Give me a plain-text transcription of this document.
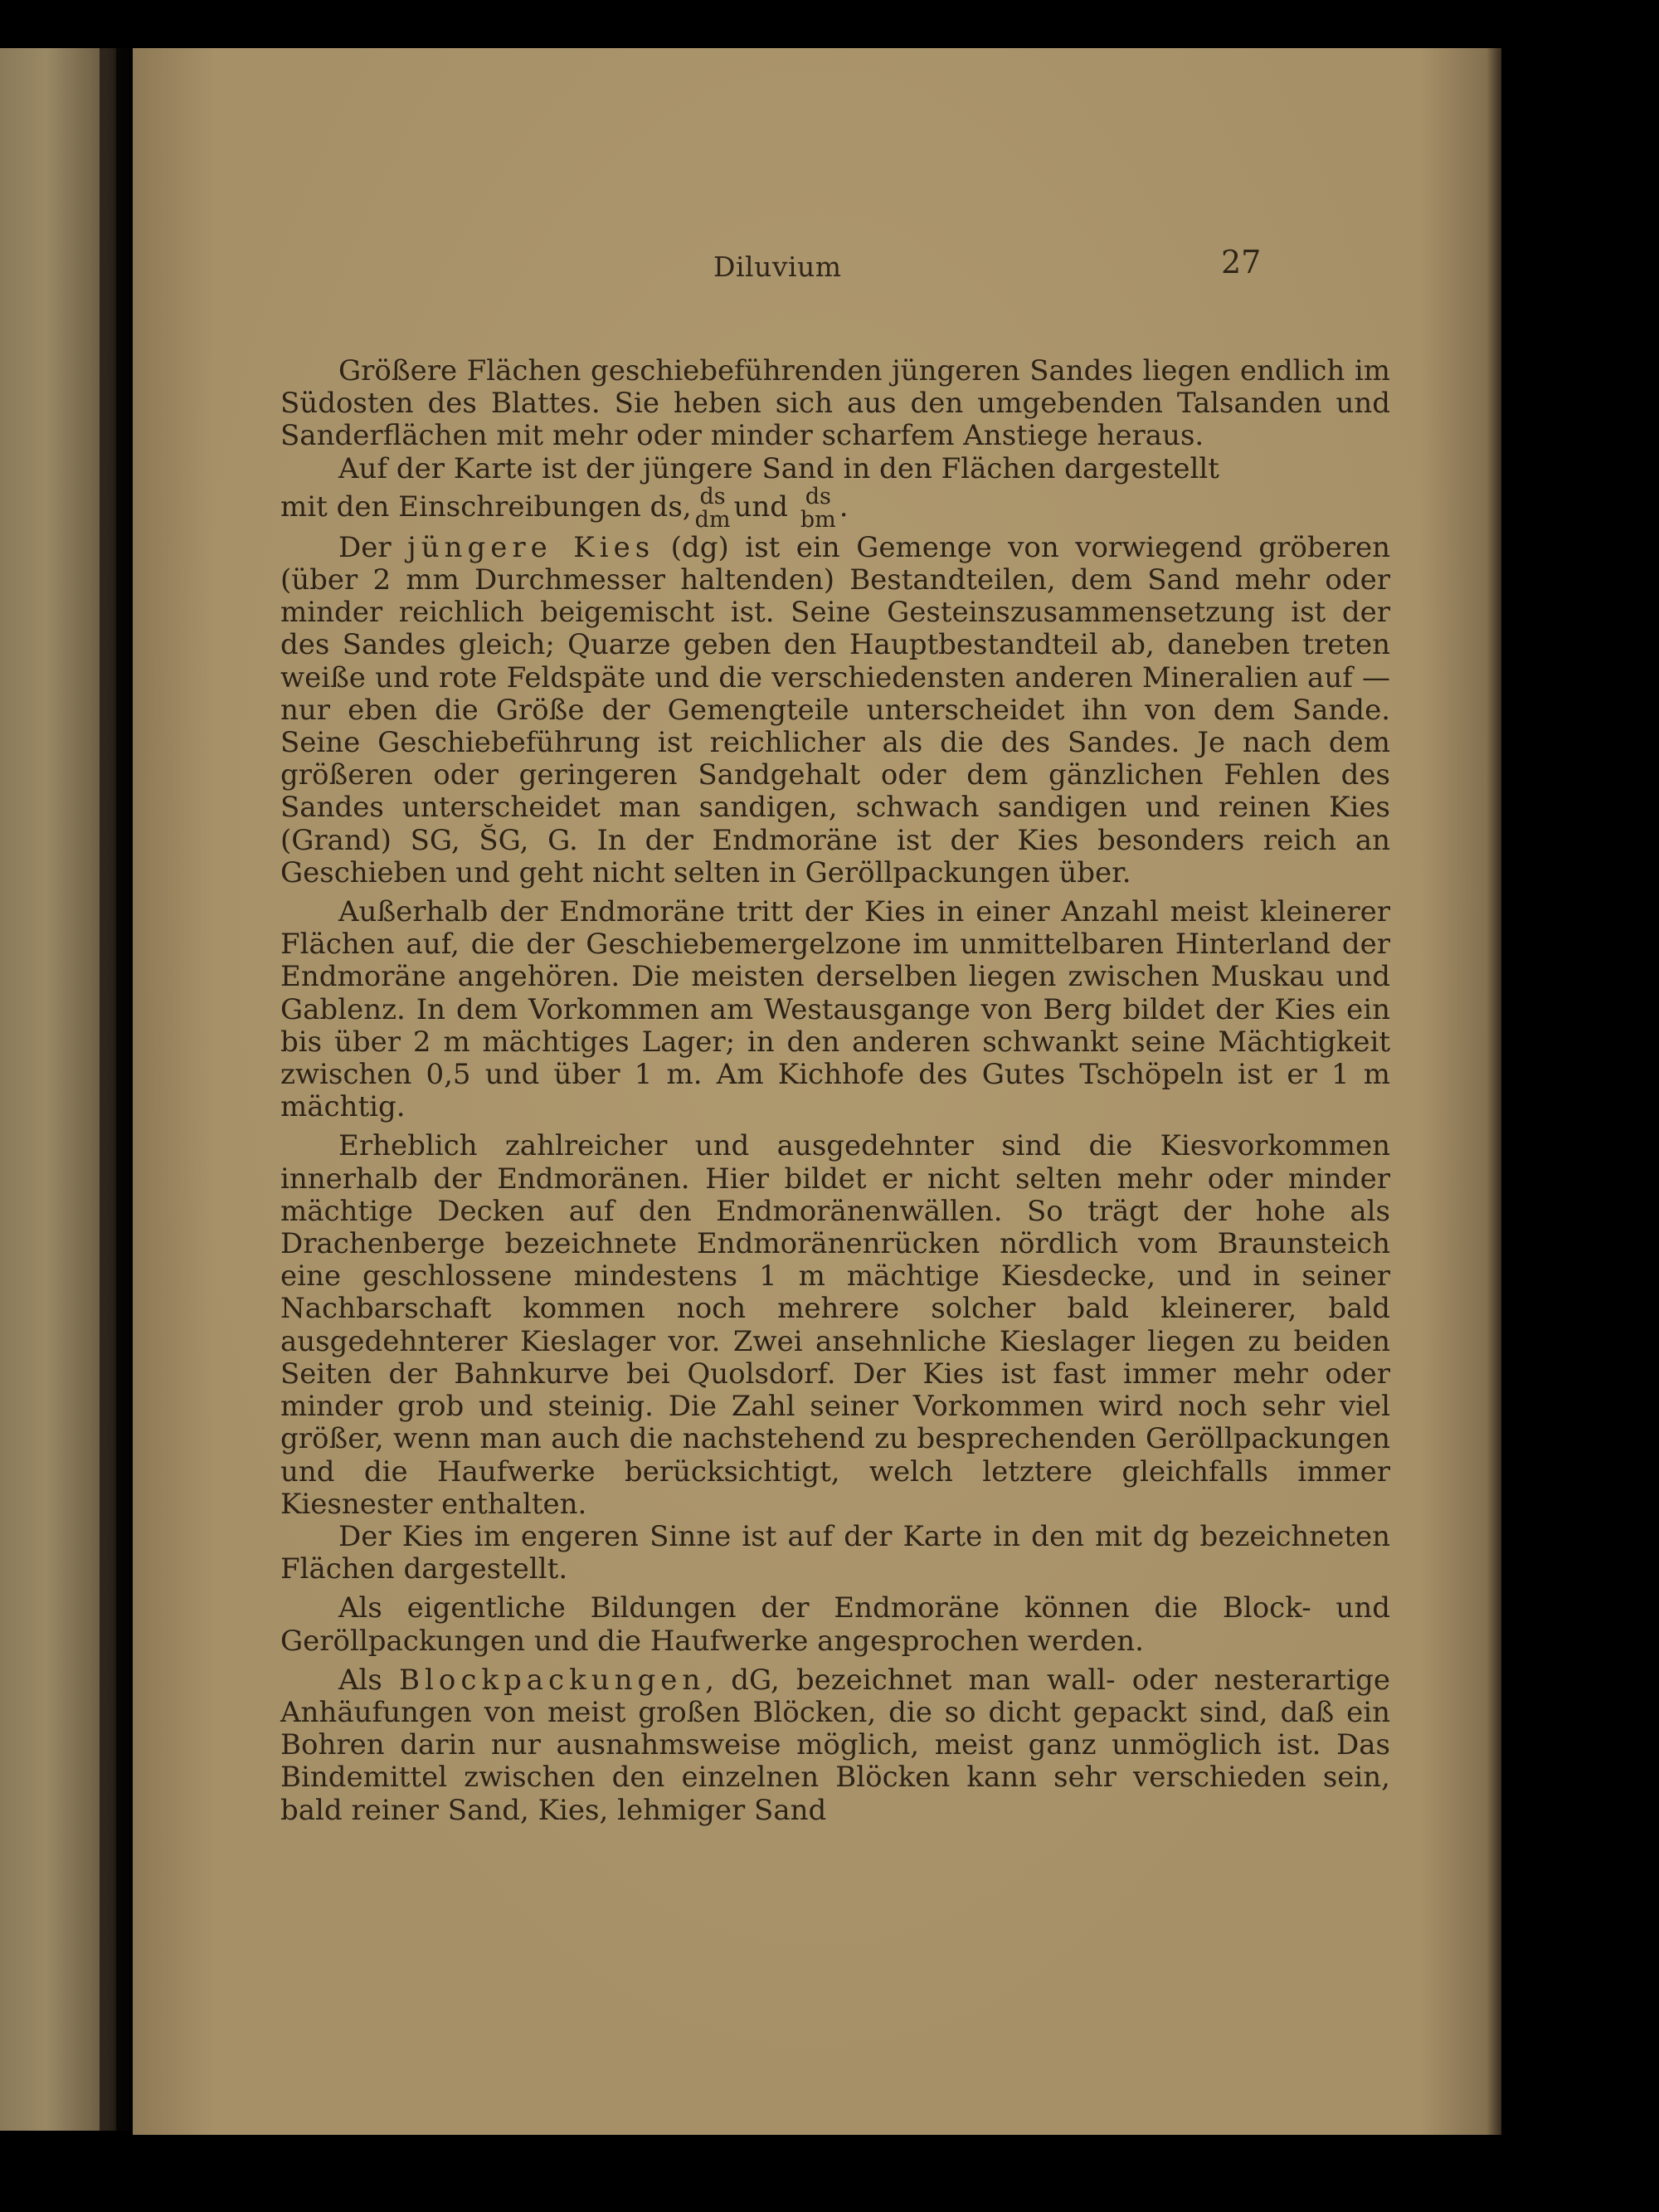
Diluvium	27

Größere Flächen geschiebeführenden jüngeren Sandes liegen endlich im Südosten des Blattes. Sie heben sich aus den umgebenden Talsanden und Sanderflächen mit mehr oder minder scharfem Anstiege heraus.

Auf der Karte ist der jüngere Sand in den Flächen dargestellt

mit den Einschreibungen ds, ds
dm und ds
bm .

Der jüngere Kies (dg) ist ein Gemenge von vorwiegend gröberen (über 2 mm Durchmesser haltenden) Bestandteilen, dem Sand mehr oder minder reichlich beigemischt ist. Seine Gesteinszusammensetzung ist der des Sandes gleich; Quarze geben den Hauptbestandteil ab, daneben treten weiße und rote Feldspäte und die verschiedensten anderen Mineralien auf — nur eben die Größe der Gemengteile unterscheidet ihn von dem Sande. Seine Geschiebeführung ist reichlicher als die des Sandes. Je nach dem größeren oder geringeren Sandgehalt oder dem gänzlichen Fehlen des Sandes unterscheidet man sandigen, schwach sandigen und reinen Kies (Grand) SG, S̆G, G. In der Endmoräne ist der Kies besonders reich an Geschieben und geht nicht selten in Geröllpackungen über.

Außerhalb der Endmoräne tritt der Kies in einer Anzahl meist kleinerer Flächen auf, die der Geschiebemergelzone im unmittelbaren Hinterland der Endmoräne angehören. Die meisten derselben liegen zwischen Muskau und Gablenz. In dem Vorkommen am Westausgange von Berg bildet der Kies ein bis über 2 m mächtiges Lager; in den anderen schwankt seine Mächtigkeit zwischen 0,5 und über 1 m. Am Kichhofe des Gutes Tschöpeln ist er 1 m mächtig.

Erheblich zahlreicher und ausgedehnter sind die Kiesvorkommen innerhalb der Endmoränen. Hier bildet er nicht selten mehr oder minder mächtige Decken auf den Endmoränenwällen. So trägt der hohe als Drachenberge bezeichnete Endmoränenrücken nördlich vom Braunsteich eine geschlossene mindestens 1 m mächtige Kiesdecke, und in seiner Nachbarschaft kommen noch mehrere solcher bald kleinerer, bald ausgedehnterer Kieslager vor. Zwei ansehnliche Kieslager liegen zu beiden Seiten der Bahnkurve bei Quolsdorf. Der Kies ist fast immer mehr oder minder grob und steinig. Die Zahl seiner Vorkommen wird noch sehr viel größer, wenn man auch die nachstehend zu besprechenden Geröllpackungen und die Haufwerke berücksichtigt, welch letztere gleichfalls immer Kiesnester enthalten.

Der Kies im engeren Sinne ist auf der Karte in den mit dg bezeichneten Flächen dargestellt.

Als eigentliche Bildungen der Endmoräne können die Block- und Geröllpackungen und die Haufwerke angesprochen werden.

Als Blockpackungen, dG, bezeichnet man wall- oder nesterartige Anhäufungen von meist großen Blöcken, die so dicht gepackt sind, daß ein Bohren darin nur ausnahmsweise möglich, meist ganz unmöglich ist. Das Bindemittel zwischen den einzelnen Blöcken kann sehr verschieden sein, bald reiner Sand, Kies, lehmiger Sand
